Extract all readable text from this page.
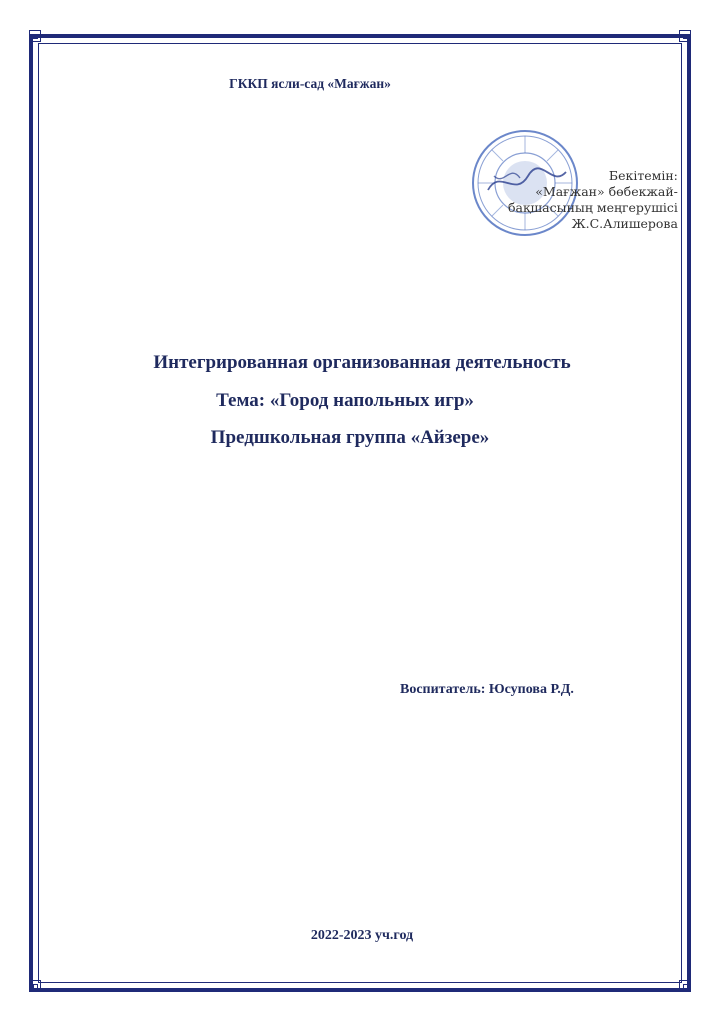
ГККП ясли-сад «Мағжан»
Бекітемін:
«Мағжан» бөбекжай-
бақшасының меңгерушісі
Ж.С.Алишерова
Интегрированная организованная деятельность
Тема: «Город напольных игр»
Предшкольная группа «Айзере»
Воспитатель: Юсупова Р.Д.
2022-2023 уч.год
